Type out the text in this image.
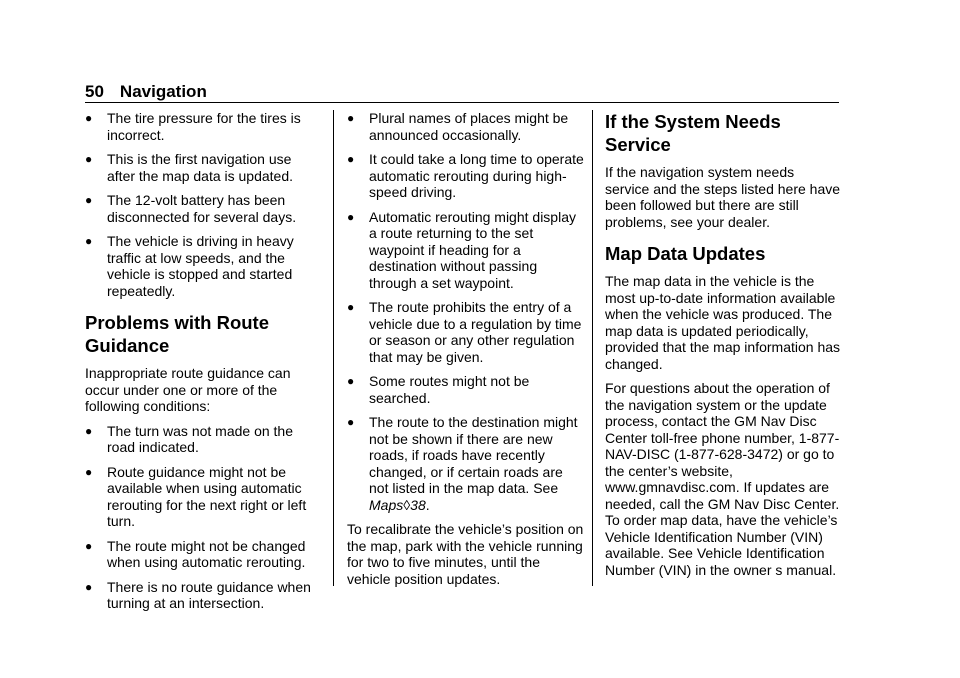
50 Navigation
● The tire pressure for the tires is incorrect.
● This is the first navigation use after the map data is updated.
● The 12-volt battery has been disconnected for several days.
● The vehicle is driving in heavy traffic at low speeds, and the vehicle is stopped and started repeatedly.
Problems with Route Guidance

Inappropriate route guidance can occur under one or more of the following conditions:

● The turn was not made on the road indicated.
● Route guidance might not be available when using automatic rerouting for the next right or left turn.
● The route might not be changed when using automatic rerouting.
● There is no route guidance when turning at an intersection.
● Plural names of places might be announced occasionally.
● It could take a long time to operate automatic rerouting during high-speed driving.
● Automatic rerouting might display a route returning to the set waypoint if heading for a destination without passing through a set waypoint.
● The route prohibits the entry of a vehicle due to a regulation by time or season or any other regulation that may be given.
● Some routes might not be searched.
● The route to the destination might not be shown if there are new roads, if roads have recently changed, or if certain roads are not listed in the map data. See Maps◊38.

To recalibrate the vehicle’s position on the map, park with the vehicle running for two to five minutes, until the vehicle position updates.

If the System Needs Service

If the navigation system needs service and the steps listed here have been followed but there are still problems, see your dealer.

Map Data Updates

The map data in the vehicle is the most up-to-date information available when the vehicle was produced. The map data is updated periodically, provided that the map information has changed.

For questions about the operation of the navigation system or the update process, contact the GM Nav Disc Center toll-free phone number, 1-877-NAV-DISC (1-877-628-3472) or go to the center’s website, www.gmnavdisc.com. If updates are needed, call the GM Nav Disc Center. To order map data, have the vehicle’s Vehicle Identification Number (VIN) available. See Vehicle Identification Number (VIN) in the owner s manual.
